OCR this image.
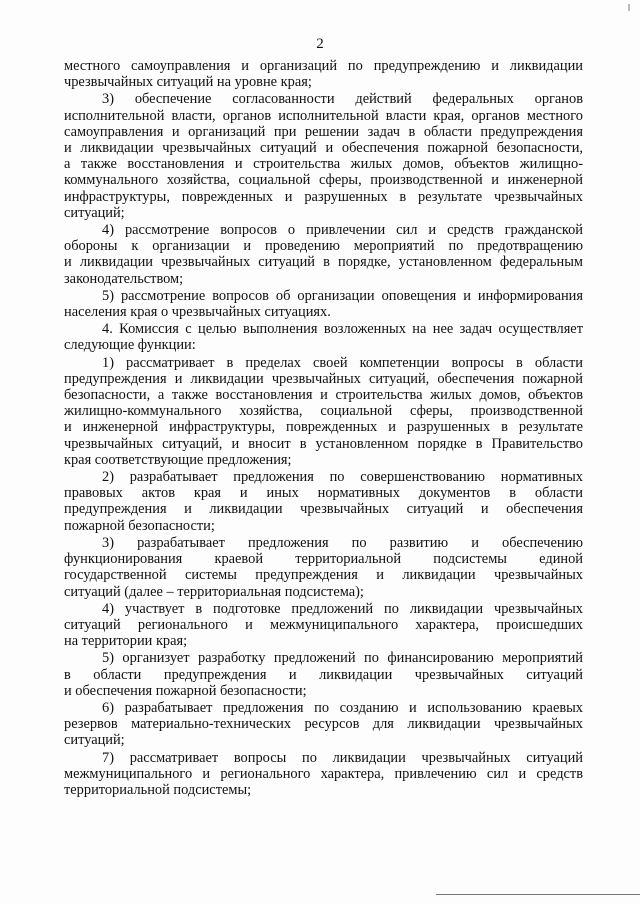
2
местного самоуправления и организаций по предупреждению и ликвидации
чрезвычайных ситуаций на уровне края;
3) обеспечение согласованности действий федеральных органов
исполнительной власти, органов исполнительной власти края, органов местного
самоуправления и организаций при решении задач в области предупреждения
и ликвидации чрезвычайных ситуаций и обеспечения пожарной безопасности,
а также восстановления и строительства жилых домов, объектов жилищно-
коммунального хозяйства, социальной сферы, производственной и инженерной
инфраструктуры, поврежденных и разрушенных в результате чрезвычайных
ситуаций;
4) рассмотрение вопросов о привлечении сил и средств гражданской
обороны к организации и проведению мероприятий по предотвращению
и ликвидации чрезвычайных ситуаций в порядке, установленном федеральным
законодательством;
5) рассмотрение вопросов об организации оповещения и информирования
населения края о чрезвычайных ситуациях.
4. Комиссия с целью выполнения возложенных на нее задач осуществляет
следующие функции:
1) рассматривает в пределах своей компетенции вопросы в области
предупреждения и ликвидации чрезвычайных ситуаций, обеспечения пожарной
безопасности, а также восстановления и строительства жилых домов, объектов
жилищно-коммунального хозяйства, социальной сферы, производственной
и инженерной инфраструктуры, поврежденных и разрушенных в результате
чрезвычайных ситуаций, и вносит в установленном порядке в Правительство
края соответствующие предложения;
2) разрабатывает предложения по совершенствованию нормативных
правовых актов края и иных нормативных документов в области
предупреждения и ликвидации чрезвычайных ситуаций и обеспечения
пожарной безопасности;
3) разрабатывает предложения по развитию и обеспечению
функционирования краевой территориальной подсистемы единой
государственной системы предупреждения и ликвидации чрезвычайных
ситуаций (далее – территориальная подсистема);
4) участвует в подготовке предложений по ликвидации чрезвычайных
ситуаций регионального и межмуниципального характера, происшедших
на территории края;
5) организует разработку предложений по финансированию мероприятий
в области предупреждения и ликвидации чрезвычайных ситуаций
и обеспечения пожарной безопасности;
6) разрабатывает предложения по созданию и использованию краевых
резервов материально-технических ресурсов для ликвидации чрезвычайных
ситуаций;
7) рассматривает вопросы по ликвидации чрезвычайных ситуаций
межмуниципального и регионального характера, привлечению сил и средств
территориальной подсистемы;
